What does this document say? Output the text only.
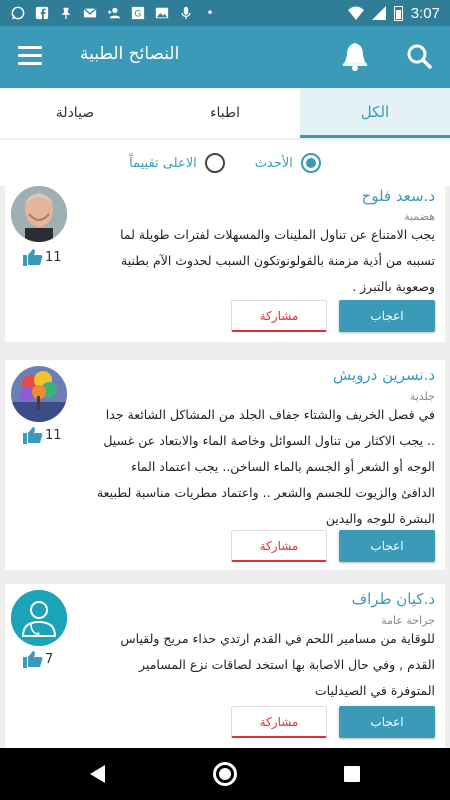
G	•	3:07
النصائح الطبية
الكل
اطباء
صيادلة
الأحدث
الاعلى تقييماً
11
د.سعد فلوح
هضمية
يجب الامتناع عن تناول الملينات والمسهلات لفترات طويلة لما تسببه من أذية مزمنة بالقولونوتكون السبب لحدوث الآم بطنية وصعوبة بالتبرز .
اعجاب
مشاركة
11
د.نسرين درويش
جلدية
في فصل الخريف والشتاء جفاف الجلد من المشاكل الشائعة جدا .. يجب الاكثار من تناول السوائل وخاصة الماء والابتعاد عن غسيل الوجه أو الشعر أو الجسم بالماء الساخن.. يجب اعتماد الماء الدافئ والزيوت للجسم والشعر .. واعتماد مطريات مناسبة لطبيعة البشرة للوجه واليدين
اعجاب
مشاركة
7
د.كيان طراف
جراحة عامة
للوقاية من مسامير اللحم في القدم ارتدي حذاء مريح ولقياس القدم , وفي حال الاصابة بها استخد لصاقات نزع المسامير المتوفرة في الصيدليات
اعجاب
مشاركة
